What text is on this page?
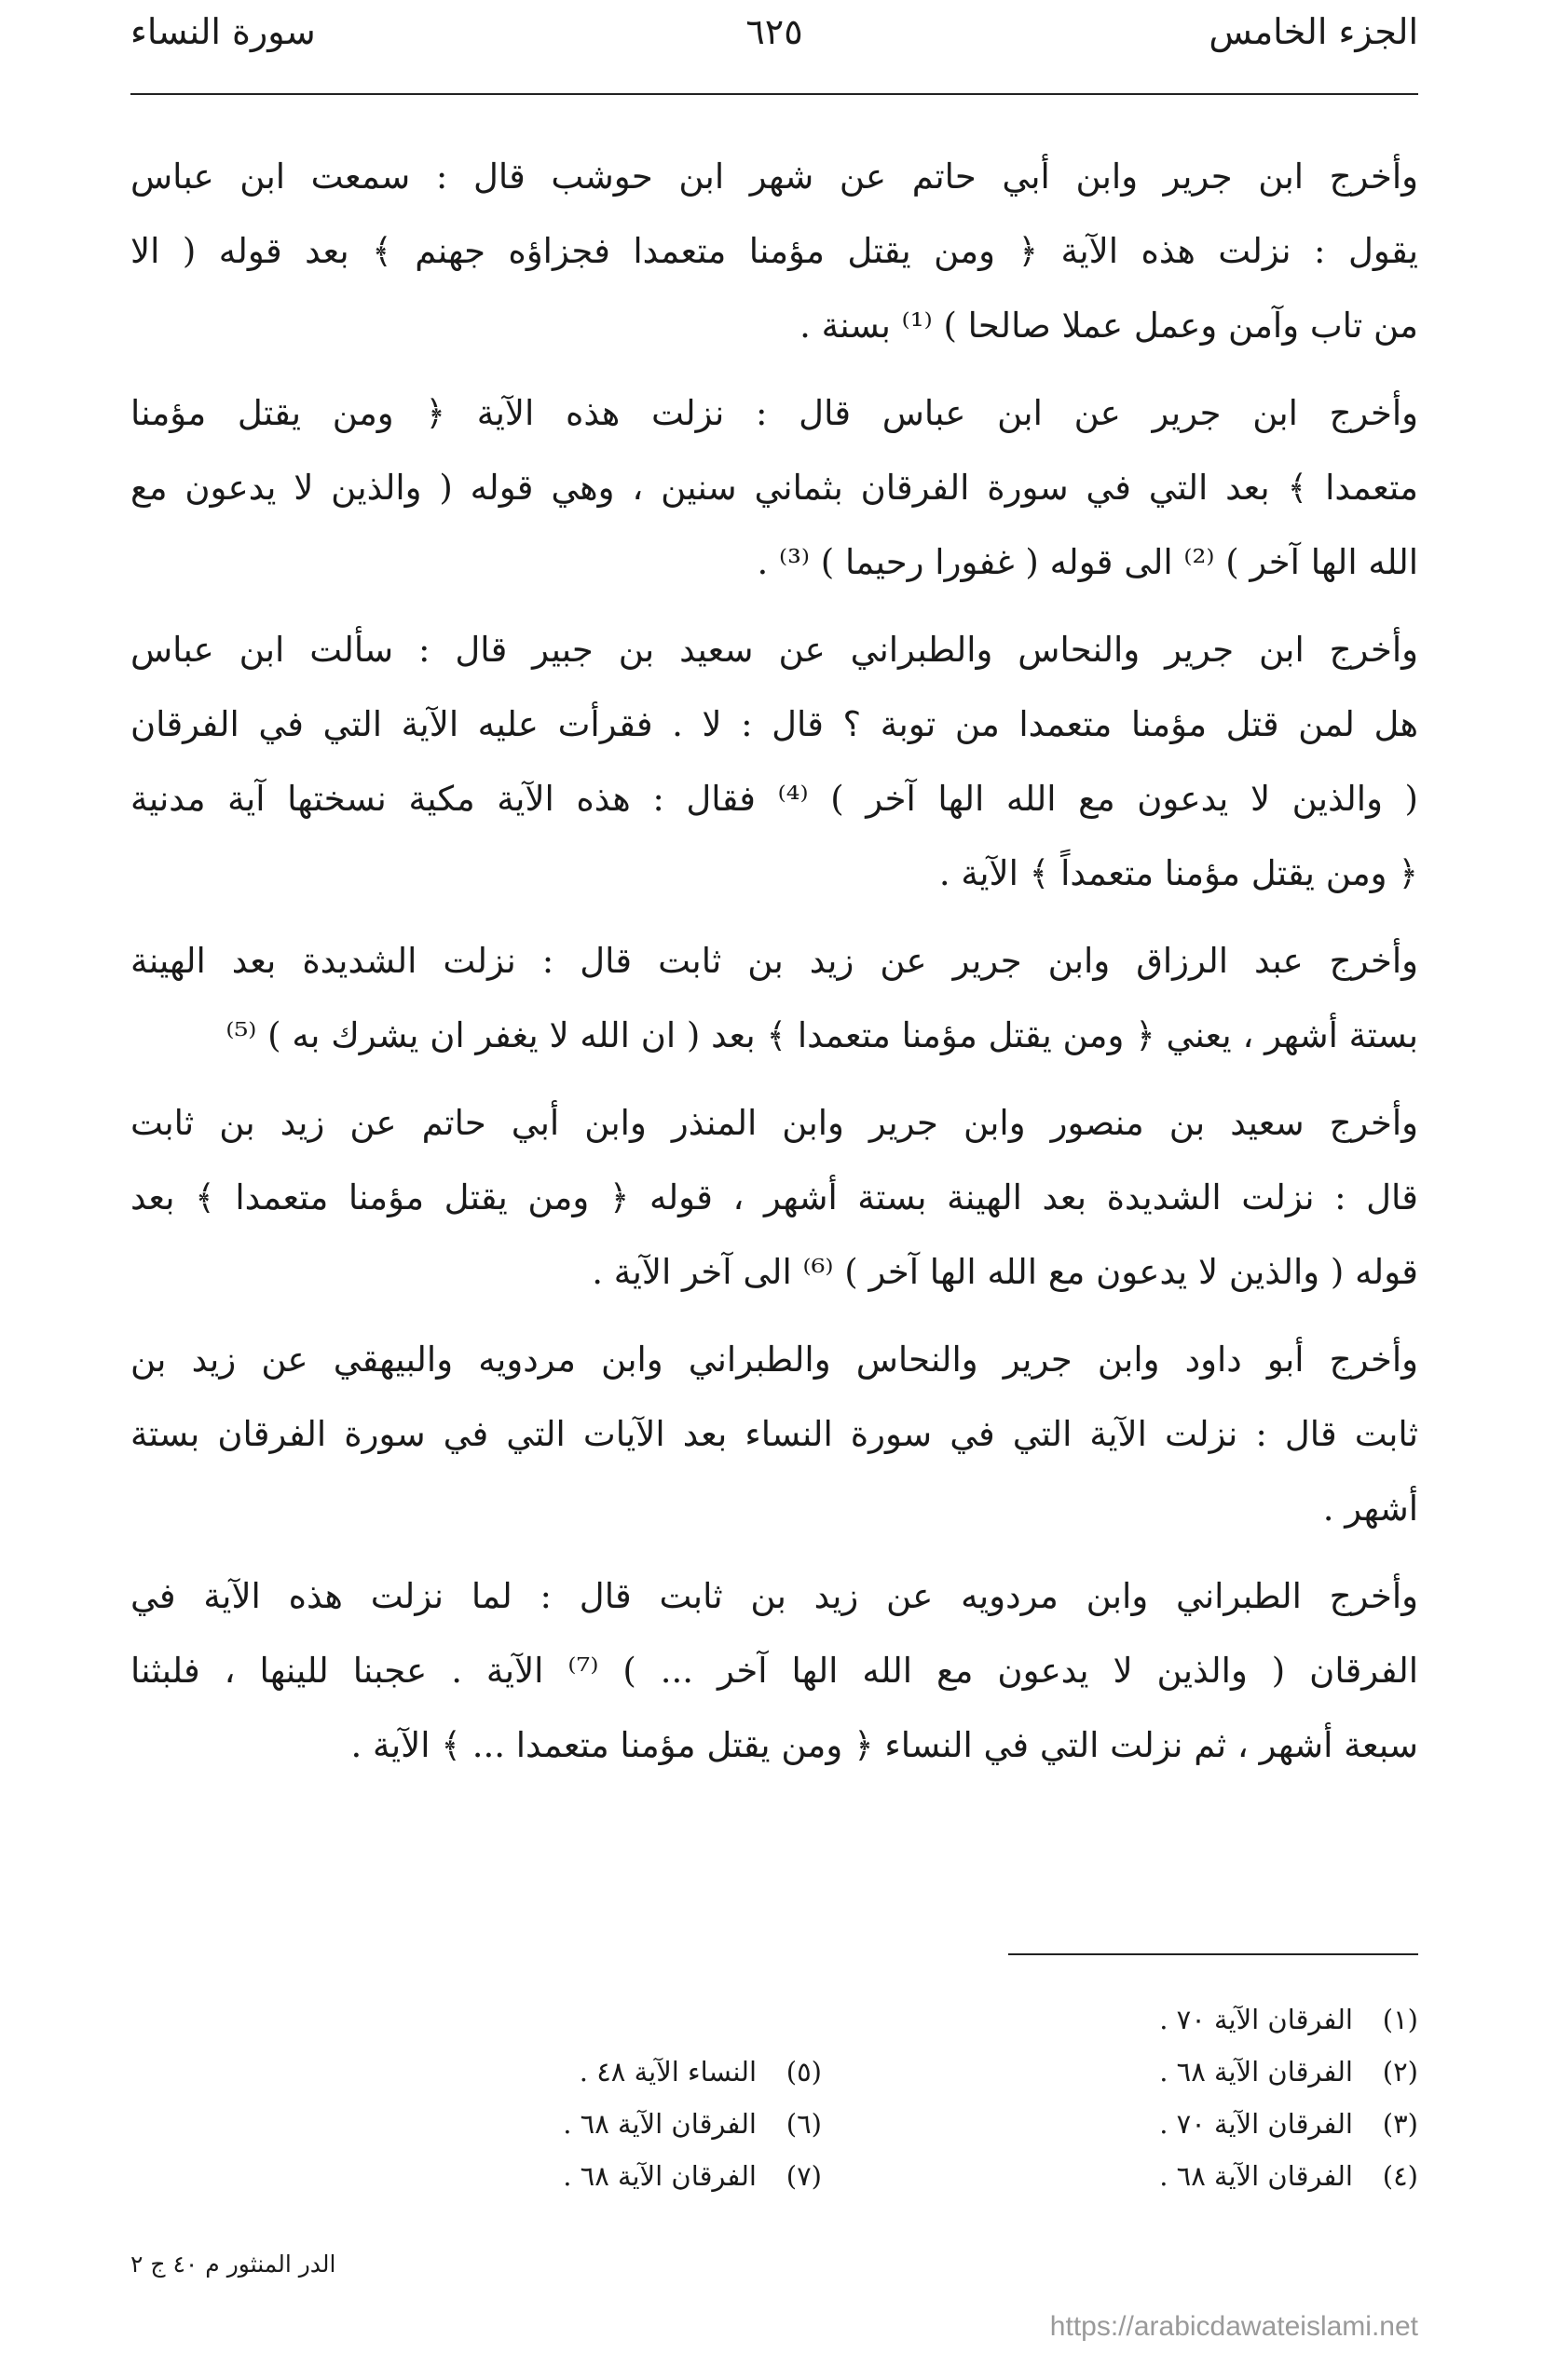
الجزء الخامس
٦٢٥
سورة النساء

وأخرج ابن جرير وابن أبي حاتم عن شهر ابن حوشب قال : سمعت ابن عباس
يقول : نزلت هذه الآية ﴿ ومن يقتل مؤمنا متعمدا فجزاؤه جهنم ﴾ بعد قوله ( الا
من تاب وآمن وعمل عملا صالحا ) ⁽¹⁾ بسنة .

وأخرج ابن جرير عن ابن عباس قال : نزلت هذه الآية ﴿ ومن يقتل مؤمنا
متعمدا ﴾ بعد التي في سورة الفرقان بثماني سنين ، وهي قوله ( والذين لا يدعون مع
الله الها آخر ) ⁽²⁾ الى قوله ( غفورا رحيما ) ⁽³⁾ .

وأخرج ابن جرير والنحاس والطبراني عن سعيد بن جبير قال : سألت ابن عباس
هل لمن قتل مؤمنا متعمدا من توبة ؟ قال : لا . فقرأت عليه الآية التي في الفرقان
( والذين لا يدعون مع الله الها آخر ) ⁽⁴⁾ فقال : هذه الآية مكية نسختها آية مدنية
﴿ ومن يقتل مؤمنا متعمداً ﴾ الآية .

وأخرج عبد الرزاق وابن جرير عن زيد بن ثابت قال : نزلت الشديدة بعد الهينة
بستة أشهر ، يعني ﴿ ومن يقتل مؤمنا متعمدا ﴾ بعد ( ان الله لا يغفر ان يشرك به ) ⁽⁵⁾

وأخرج سعيد بن منصور وابن جرير وابن المنذر وابن أبي حاتم عن زيد بن ثابت
قال : نزلت الشديدة بعد الهينة بستة أشهر ، قوله ﴿ ومن يقتل مؤمنا متعمدا ﴾ بعد
قوله ( والذين لا يدعون مع الله الها آخر ) ⁽⁶⁾ الى آخر الآية .

وأخرج أبو داود وابن جرير والنحاس والطبراني وابن مردويه والبيهقي عن زيد بن
ثابت قال : نزلت الآية التي في سورة النساء بعد الآيات التي في سورة الفرقان بستة
أشهر .

وأخرج الطبراني وابن مردويه عن زيد بن ثابت قال : لما نزلت هذه الآية في
الفرقان ( والذين لا يدعون مع الله الها آخر ... ) ⁽⁷⁾ الآية . عجبنا للينها ، فلبثنا
سبعة أشهر ، ثم نزلت التي في النساء ﴿ ومن يقتل مؤمنا متعمدا ... ﴾ الآية .

(١)الفرقان الآية ٧٠ .
(٢)الفرقان الآية ٦٨ .
(٣)الفرقان الآية ٧٠ .
(٤)الفرقان الآية ٦٨ .
(٥)النساء الآية ٤٨ .
(٦)الفرقان الآية ٦٨ .
(٧)الفرقان الآية ٦٨ .
الدر المنثور م ٤٠ ج ٢
https://arabicdawateislami.net
